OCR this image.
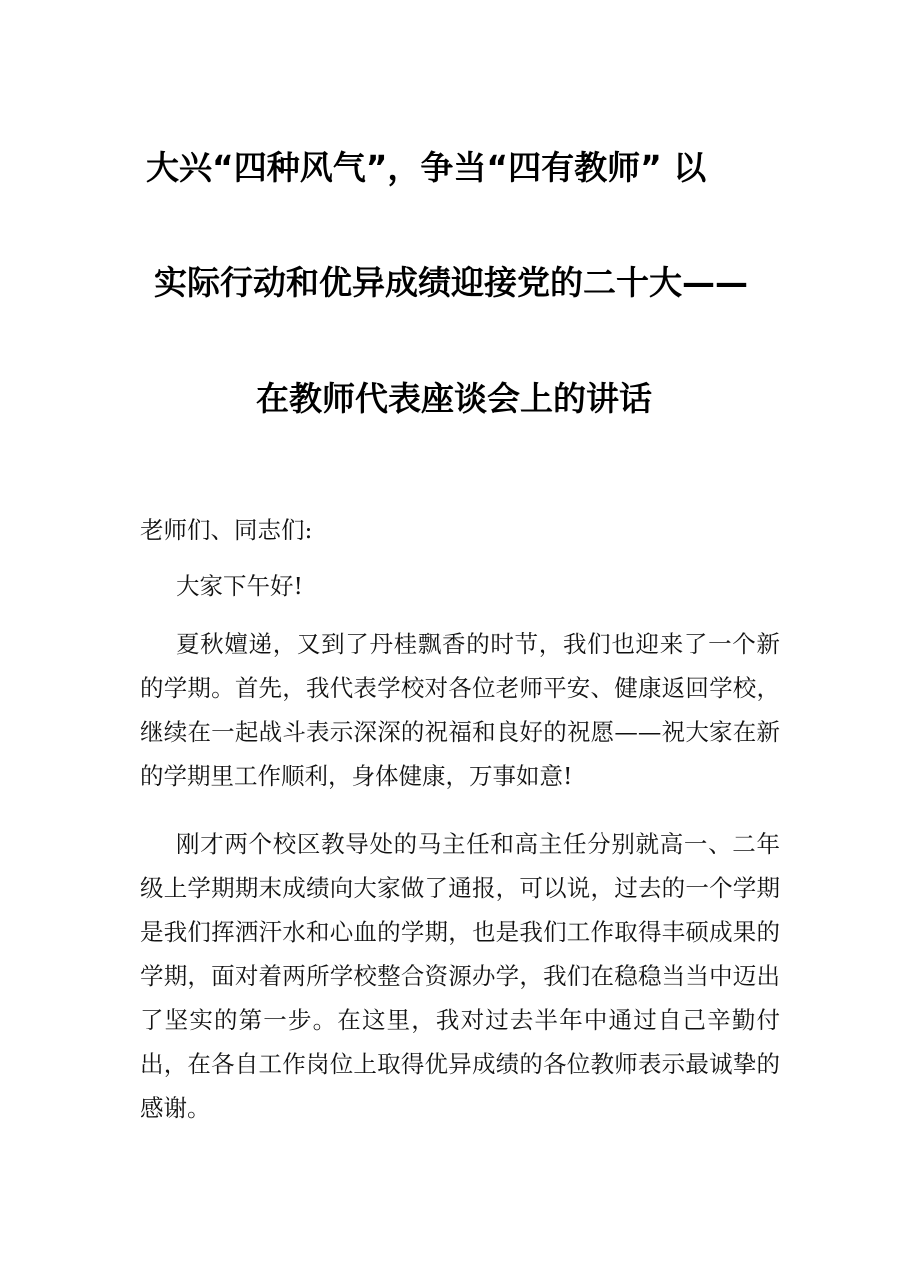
大兴“四种风气”，争当“四有教师” 以
实际行动和优异成绩迎接党的二十大——
在教师代表座谈会上的讲话
老师们、同志们:
大家下午好!
夏秋嬗递，又到了丹桂飘香的时节，我们也迎来了一个新的学期。首先，我代表学校对各位老师平安、健康返回学校，继续在一起战斗表示深深的祝福和良好的祝愿——祝大家在新的学期里工作顺利，身体健康，万事如意!
刚才两个校区教导处的马主任和高主任分别就高一、二年级上学期期末成绩向大家做了通报，可以说，过去的一个学期是我们挥洒汗水和心血的学期，也是我们工作取得丰硕成果的学期，面对着两所学校整合资源办学，我们在稳稳当当中迈出了坚实的第一步。在这里，我对过去半年中通过自己辛勤付出，在各自工作岗位上取得优异成绩的各位教师表示最诚挚的感谢。
